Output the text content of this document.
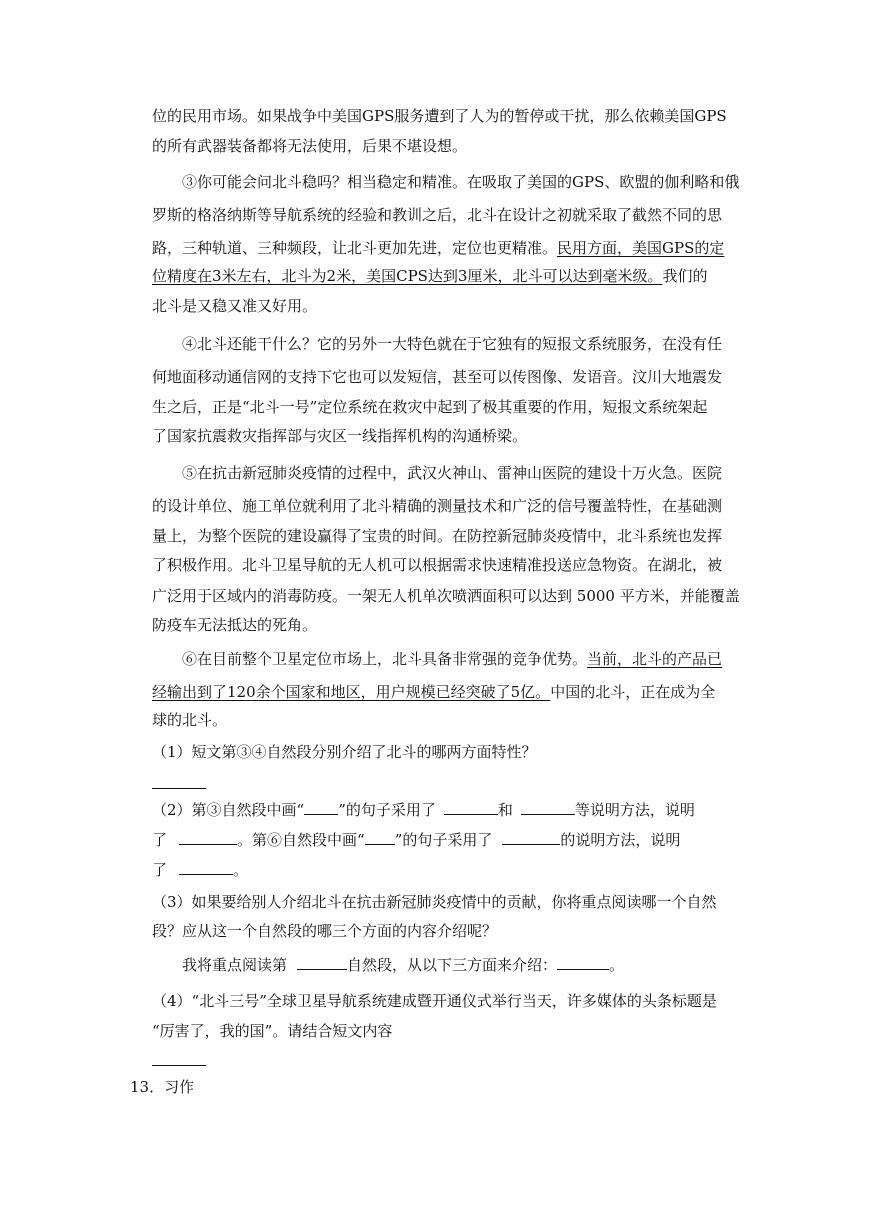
位的民用市场。如果战争中美国GPS服务遭到了人为的暂停或干扰，那么依赖美国GPS
的所有武器装备都将无法使用，后果不堪设想。
③你可能会问北斗稳吗？相当稳定和精准。在吸取了美国的GPS、欧盟的伽利略和俄
罗斯的格洛纳斯等导航系统的经验和教训之后，北斗在设计之初就采取了截然不同的思
路，三种轨道、三种频段，让北斗更加先进，定位也更精准。民用方面，美国GPS的定
位精度在3米左右，北斗为2米，美国CPS达到3厘米，北斗可以达到毫米级。我们的
北斗是又稳又准又好用。
④北斗还能干什么？它的另外一大特色就在于它独有的短报文系统服务，在没有任
何地面移动通信网的支持下它也可以发短信，甚至可以传图像、发语音。汶川大地震发
生之后，正是“北斗一号”定位系统在救灾中起到了极其重要的作用，短报文系统架起
了国家抗震救灾指挥部与灾区一线指挥机构的沟通桥梁。
⑤在抗击新冠肺炎疫情的过程中，武汉火神山、雷神山医院的建设十万火急。医院
的设计单位、施工单位就利用了北斗精确的测量技术和广泛的信号覆盖特性，在基础测
量上，为整个医院的建设赢得了宝贵的时间。在防控新冠肺炎疫情中，北斗系统也发挥
了积极作用。北斗卫星导航的无人机可以根据需求快速精准投送应急物资。在湖北，被
广泛用于区域内的消毒防疫。一架无人机单次喷洒面积可以达到 5000 平方米，并能覆盖
防疫车无法抵达的死角。
⑥在目前整个卫星定位市场上，北斗具备非常强的竞争优势。当前，北斗的产品已
经输出到了120余个国家和地区，用户规模已经突破了5亿。中国的北斗，正在成为全
球的北斗。
（1）短文第③④自然段分别介绍了北斗的哪两方面特性？
（2）第③自然段中画“ ”的句子采用了	和	等说明方法，说明
了	。第⑥自然段中画“ ”的句子采用了	的说明方法，说明
了	。
（3）如果要给别人介绍北斗在抗击新冠肺炎疫情中的贡献，你将重点阅读哪一个自然
段？应从这一个自然段的哪三个方面的内容介绍呢？
我将重点阅读第	自然段，从以下三方面来介绍：	。
（4）“北斗三号”全球卫星导航系统建成暨开通仪式举行当天，许多媒体的头条标题是
“厉害了，我的国”。请结合短文内容
13．习作
